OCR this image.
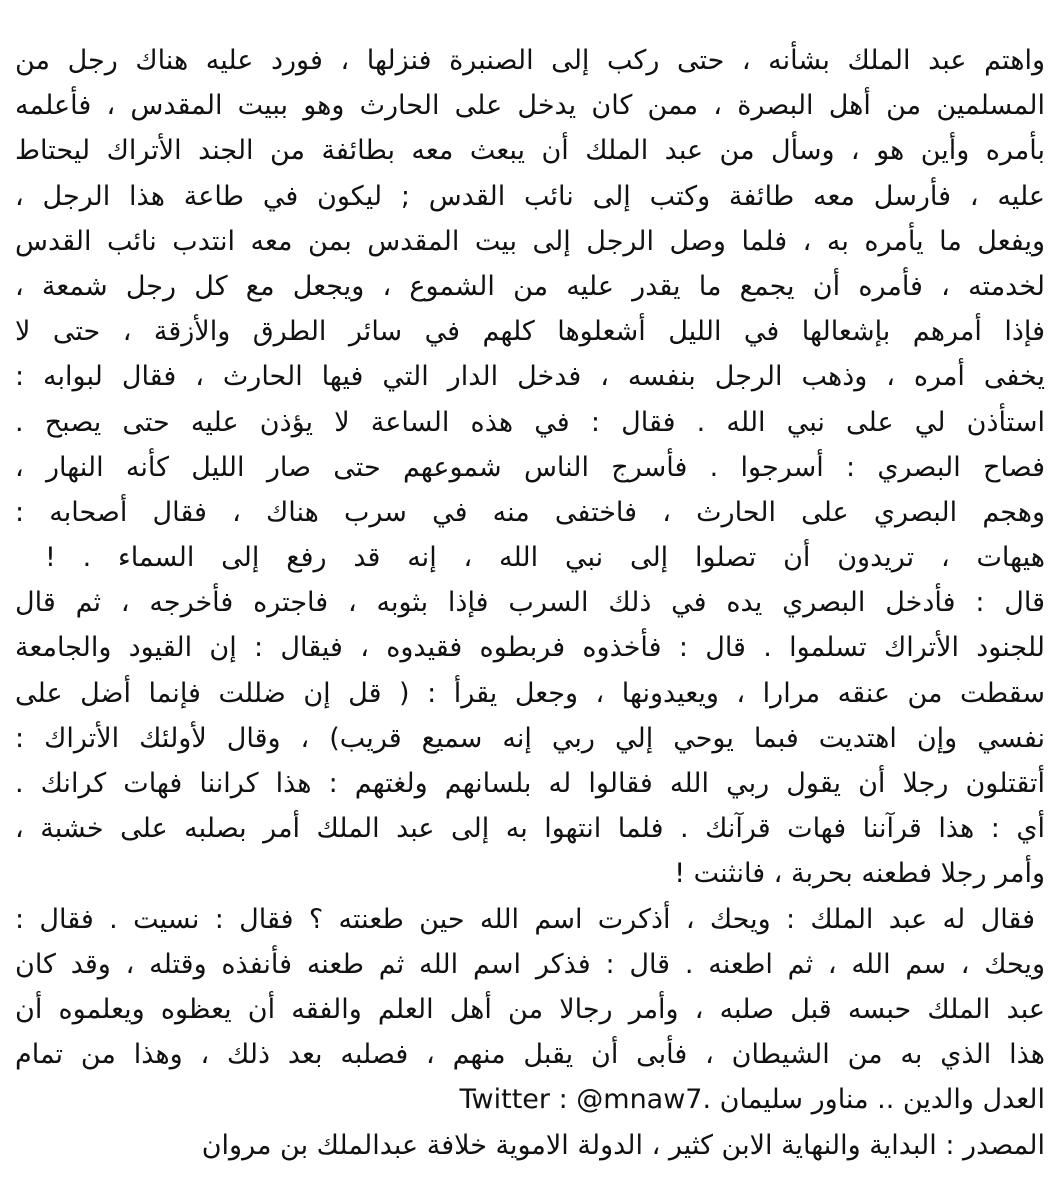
واهتم عبد الملك بشأنه ، حتى ركب إلى الصنبرة فنزلها ، فورد عليه هناك رجل من
المسلمين من أهل البصرة ، ممن كان يدخل على الحارث وهو ببيت المقدس ، فأعلمه
بأمره وأين هو ، وسأل من عبد الملك أن يبعث معه بطائفة من الجند الأتراك ليحتاط
عليه ، فأرسل معه طائفة وكتب إلى نائب القدس ; ليكون في طاعة هذا الرجل ،
ويفعل ما يأمره به ، فلما وصل الرجل إلى بيت المقدس بمن معه انتدب نائب القدس
لخدمته ، فأمره أن يجمع ما يقدر عليه من الشموع ، ويجعل مع كل رجل شمعة ،
فإذا أمرهم بإشعالها في الليل أشعلوها كلهم في سائر الطرق والأزقة ، حتى لا
يخفى أمره ، وذهب الرجل بنفسه ، فدخل الدار التي فيها الحارث ، فقال لبوابه :
استأذن لي على نبي الله . فقال : في هذه الساعة لا يؤذن عليه حتى يصبح .
فصاح البصري : أسرجوا . فأسرج الناس شموعهم حتى صار الليل كأنه النهار ،
وهجم البصري على الحارث ، فاختفى منه في سرب هناك ، فقال أصحابه :
هيهات ، تريدون أن تصلوا إلى نبي الله ، إنه قد رفع إلى السماء . !
قال : فأدخل البصري يده في ذلك السرب فإذا بثوبه ، فاجتره فأخرجه ، ثم قال
للجنود الأتراك تسلموا . قال : فأخذوه فربطوه فقيدوه ، فيقال : إن القيود والجامعة
سقطت من عنقه مرارا ، ويعيدونها ، وجعل يقرأ : ( قل إن ضللت فإنما أضل على
نفسي وإن اهتديت فبما يوحي إلي ربي إنه سميع قريب) ، وقال لأولئك الأتراك :
أتقتلون رجلا أن يقول ربي الله فقالوا له بلسانهم ولغتهم : هذا كراننا فهات كرانك .
أي : هذا قرآننا فهات قرآنك . فلما انتهوا به إلى عبد الملك أمر بصلبه على خشبة ،
وأمر رجلا فطعنه بحربة ، فانثنت !
فقال له عبد الملك : ويحك ، أذكرت اسم الله حين طعنته ؟ فقال : نسيت . فقال :
ويحك ، سم الله ، ثم اطعنه . قال : فذكر اسم الله ثم طعنه فأنفذه وقتله ، وقد كان
عبد الملك حبسه قبل صلبه ، وأمر رجالا من أهل العلم والفقه أن يعظوه ويعلموه أن
هذا الذي به من الشيطان ، فأبى أن يقبل منهم ، فصلبه بعد ذلك ، وهذا من تمام
العدل والدين .. مناور سليمان .Twitter : @mnaw7
المصدر : البداية والنهاية الابن كثير ، الدولة الاموية خلافة عبدالملك بن مروان
